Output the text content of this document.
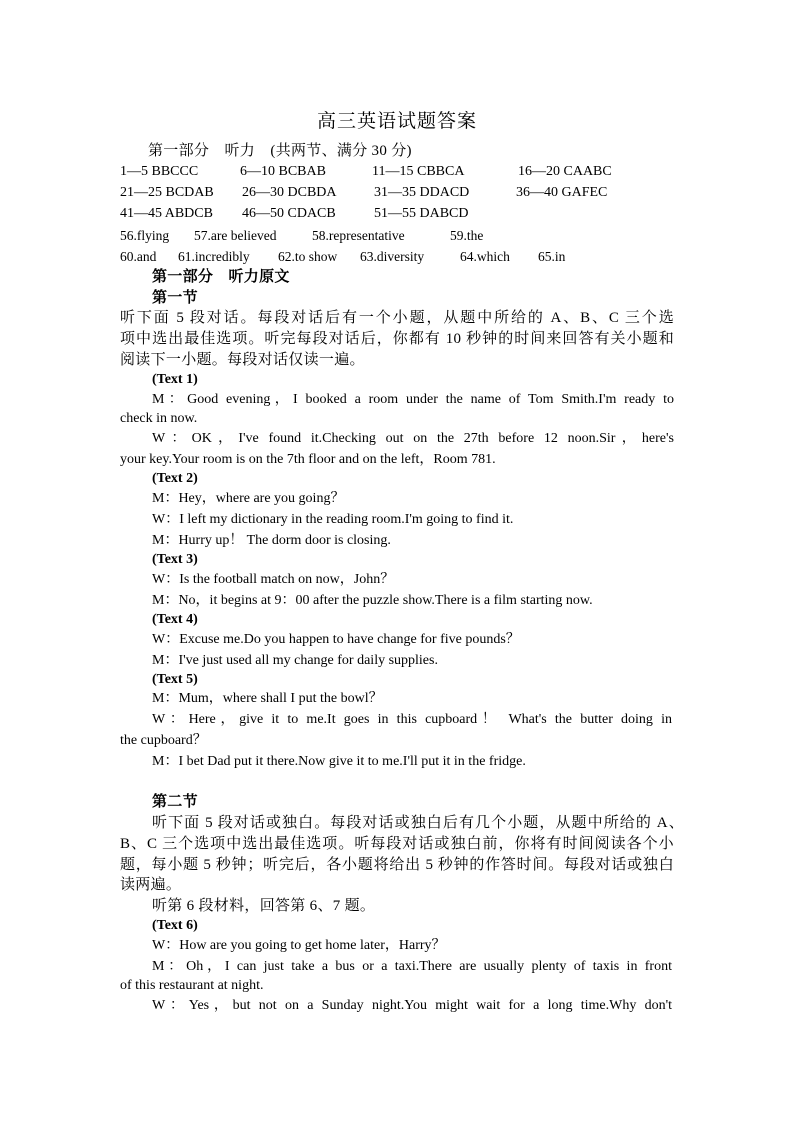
高三英语试题答案
第一部分　听力　(共两节、满分 30 分)
1—5 BBCCC	6—10 BCBAB	11—15 CBBCA	16—20 CAABC
21—25 BCDAB 26—30 DCBDA	31—35 DDACD	36—40 GAFEC
41—45 ABDCB 46—50 CDACB	51—55 DABCD
56.flying 57.are believed	58.representative	59.the
60.and 61.incredibly 62.to show 63.diversity	64.which 65.in
第一部分　听力原文
第一节
听下面 5 段对话。每段对话后有一个小题，从题中所给的 A、B、C 三个选
项中选出最佳选项。听完每段对话后，你都有 10 秒钟的时间来回答有关小题和
阅读下一小题。每段对话仅读一遍。
(Text 1)
M：Good evening，I booked a room under the name of Tom Smith.I'm ready to
check in now.
W：OK，I've found it.Checking out on the 27th before 12 noon.Sir，here's
your key.Your room is on the 7th floor and on the left，Room 781.
(Text 2)
M：Hey，where are you going？
W：I left my dictionary in the reading room.I'm going to find it.
M：Hurry up！ The dorm door is closing.
(Text 3)
W：Is the football match on now，John？
M：No，it begins at 9：00 after the puzzle show.There is a film starting now.
(Text 4)
W：Excuse me.Do you happen to have change for five pounds？
M：I've just used all my change for daily supplies.
(Text 5)
M：Mum，where shall I put the bowl？
W：Here，give it to me.It goes in this cupboard！ What's the butter doing in
the cupboard？
M：I bet Dad put it there.Now give it to me.I'll put it in the fridge.
第二节
听下面 5 段对话或独白。每段对话或独白后有几个小题，从题中所给的 A、
B、C 三个选项中选出最佳选项。听每段对话或独白前，你将有时间阅读各个小
题，每小题 5 秒钟；听完后，各小题将给出 5 秒钟的作答时间。每段对话或独白
读两遍。
听第 6 段材料，回答第 6、7 题。
(Text 6)
W：How are you going to get home later，Harry？
M：Oh，I can just take a bus or a taxi.There are usually plenty of taxis in front
of this restaurant at night.
W：Yes，but not on a Sunday night.You might wait for a long time.Why don't
